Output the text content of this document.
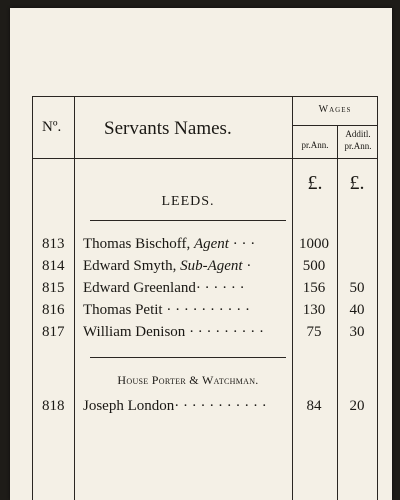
Nº. Servants Names.
Wages
pr.Ann.
Additl.
pr.Ann.
£.	£.
LEEDS.
813 Thomas Bischoff, Agent · · ·	1000
814 Edward Smyth, Sub-Agent ·	500
815 Edward Greenland· · · · · ·	156	50
816 Thomas Petit · · · · · · · · · ·	130	40
817 William Denison · · · · · · · · ·	75	30
House Porter & Watchman.
818 Joseph London· · · · · · · · · · ·	84	20
